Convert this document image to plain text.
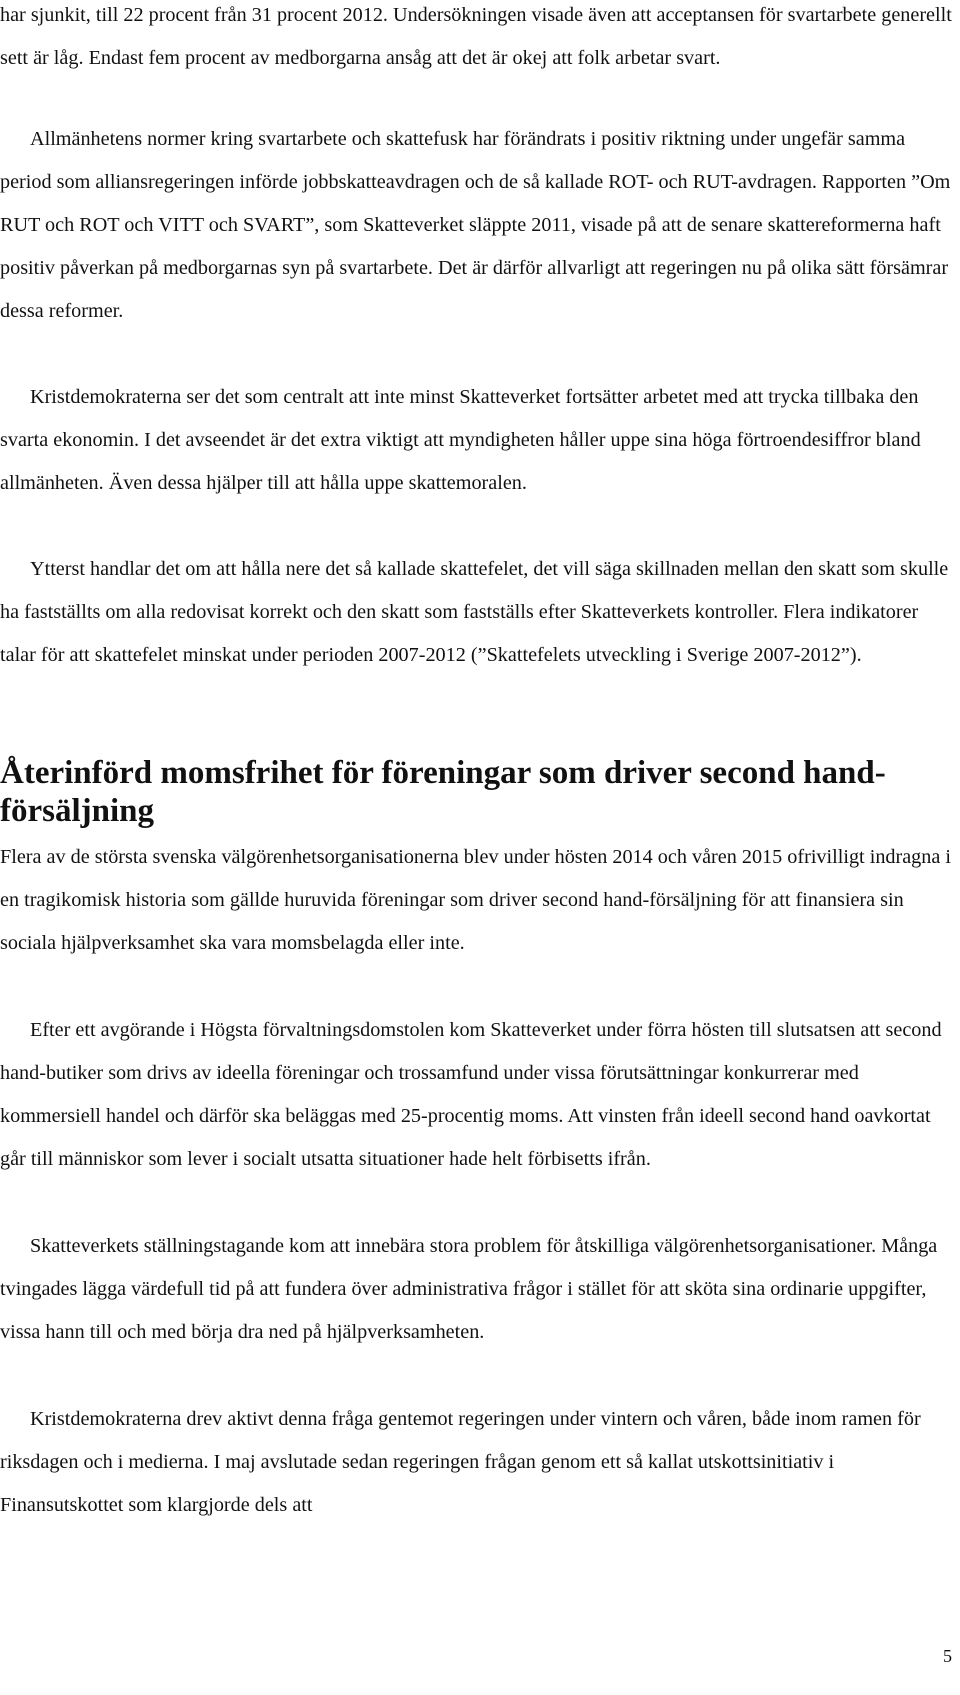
har sjunkit, till 22 procent från 31 procent 2012. Undersökningen visade även att acceptansen för svartarbete generellt sett är låg. Endast fem procent av medborgarna ansåg att det är okej att folk arbetar svart.

Allmänhetens normer kring svartarbete och skattefusk har förändrats i positiv riktning under ungefär samma period som alliansregeringen införde jobbskatteavdragen och de så kallade ROT- och RUT-avdragen. Rapporten ”Om RUT och ROT och VITT och SVART”, som Skatteverket släppte 2011, visade på att de senare skattereformerna haft positiv påverkan på medborgarnas syn på svartarbete. Det är därför allvarligt att regeringen nu på olika sätt försämrar dessa reformer.

Kristdemokraterna ser det som centralt att inte minst Skatteverket fortsätter arbetet med att trycka tillbaka den svarta ekonomin. I det avseendet är det extra viktigt att myndigheten håller uppe sina höga förtroendesiffror bland allmänheten. Även dessa hjälper till att hålla uppe skattemoralen.

Ytterst handlar det om att hålla nere det så kallade skattefelet, det vill säga skillnaden mellan den skatt som skulle ha fastställts om alla redovisat korrekt och den skatt som fastställs efter Skatteverkets kontroller. Flera indikatorer talar för att skattefelet minskat under perioden 2007-2012 (”Skattefelets utveckling i Sverige 2007-2012”).

Återinförd momsfrihet för föreningar som driver second hand-försäljning

Flera av de största svenska välgörenhetsorganisationerna blev under hösten 2014 och våren 2015 ofrivilligt indragna i en tragikomisk historia som gällde huruvida föreningar som driver second hand-försäljning för att finansiera sin sociala hjälpverksamhet ska vara momsbelagda eller inte.

Efter ett avgörande i Högsta förvaltningsdomstolen kom Skatteverket under förra hösten till slutsatsen att second hand-butiker som drivs av ideella föreningar och trossamfund under vissa förutsättningar konkurrerar med kommersiell handel och därför ska beläggas med 25-procentig moms. Att vinsten från ideell second hand oavkortat går till människor som lever i socialt utsatta situationer hade helt förbisetts ifrån.

Skatteverkets ställningstagande kom att innebära stora problem för åtskilliga välgörenhetsorganisationer. Många tvingades lägga värdefull tid på att fundera över administrativa frågor i stället för att sköta sina ordinarie uppgifter, vissa hann till och med börja dra ned på hjälpverksamheten.

Kristdemokraterna drev aktivt denna fråga gentemot regeringen under vintern och våren, både inom ramen för riksdagen och i medierna. I maj avslutade sedan regeringen frågan genom ett så kallat utskottsinitiativ i Finansutskottet som klargjorde dels att

5
